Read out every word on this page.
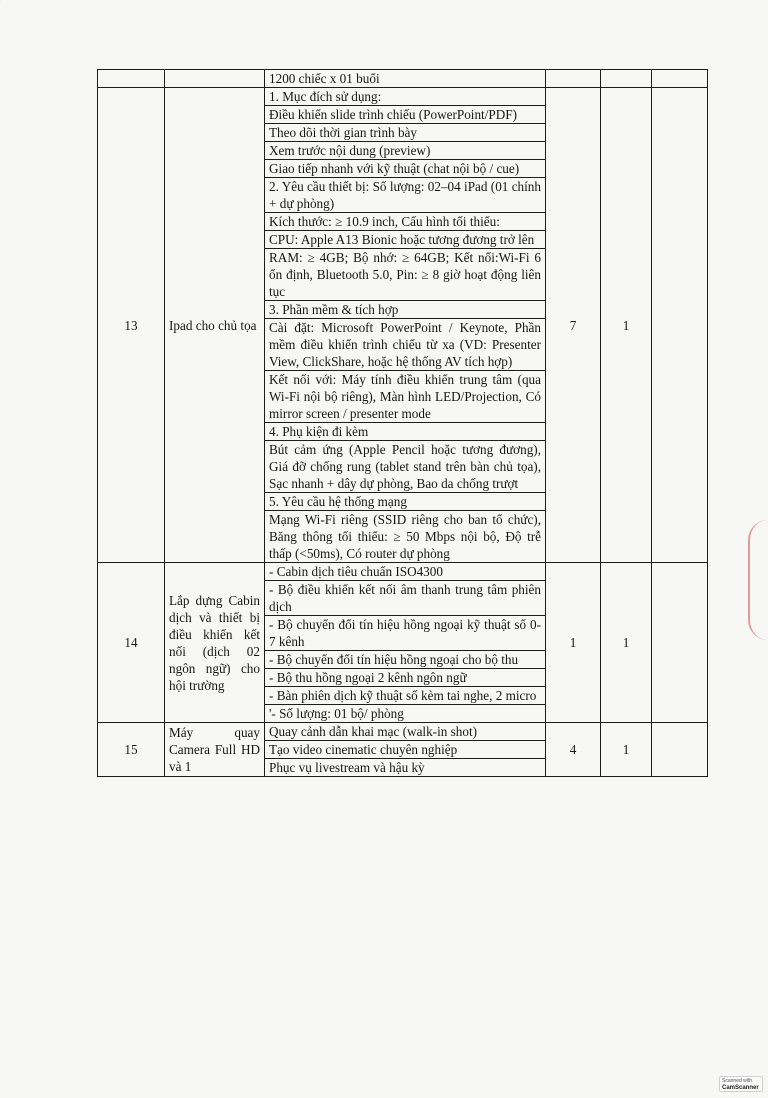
		1200 chiếc x 01 buổi			
13	Ipad cho chủ tọa	1. Mục đích sử dụng:	7	1	
		Điều khiển slide trình chiếu (PowerPoint/PDF)			
		Theo dõi thời gian trình bày			
		Xem trước nội dung (preview)			
		Giao tiếp nhanh với kỹ thuật (chat nội bộ / cue)			
		2. Yêu cầu thiết bị: Số lượng: 02–04 iPad (01 chính + dự phòng)			
		Kích thước: ≥ 10.9 inch, Cấu hình tối thiểu:			
		CPU: Apple A13 Bionic hoặc tương đương trở lên			
		RAM: ≥ 4GB; Bộ nhớ: ≥ 64GB; Kết nối:Wi-Fi 6 ổn định, Bluetooth 5.0, Pin: ≥ 8 giờ hoạt động liên tục			
		3. Phần mềm & tích hợp			
		Cài đặt: Microsoft PowerPoint / Keynote, Phần mềm điều khiển trình chiếu từ xa (VD: Presenter View, ClickShare, hoặc hệ thống AV tích hợp)			
		Kết nối với: Máy tính điều khiển trung tâm (qua Wi-Fi nội bộ riêng), Màn hình LED/Projection, Có mirror screen / presenter mode			
		4. Phụ kiện đi kèm			
		Bút cảm ứng (Apple Pencil hoặc tương đương), Giá đỡ chống rung (tablet stand trên bàn chủ tọa), Sạc nhanh + dây dự phòng, Bao da chống trượt			
		5. Yêu cầu hệ thống mạng			
		Mạng Wi-Fi riêng (SSID riêng cho ban tổ chức), Băng thông tối thiểu: ≥ 50 Mbps nội bộ, Độ trễ thấp (<50ms), Có router dự phòng			
14	Lắp dựng Cabin dịch và thiết bị điều khiển kết nối (dịch 02 ngôn ngữ) cho hội trường	- Cabin dịch tiêu chuẩn ISO4300	1	1	
		- Bộ điều khiển kết nối âm thanh trung tâm phiên dịch			
		- Bộ chuyển đổi tín hiệu hồng ngoại kỹ thuật số 0-7 kênh			
		- Bộ chuyển đổi tín hiệu hồng ngoại cho bộ thu			
		- Bộ thu hồng ngoại 2 kênh ngôn ngữ			
		- Bàn phiên dịch kỹ thuật số kèm tai nghe, 2 micro			
		'- Số lượng: 01 bộ/ phòng			
15	Máy quay Camera Full HD và 1	Quay cảnh dẫn khai mạc (walk-in shot)	4	1	
		Tạo video cinematic chuyên nghiệp			
		Phục vụ livestream và hậu kỳ			
Scanned with
CamScanner
